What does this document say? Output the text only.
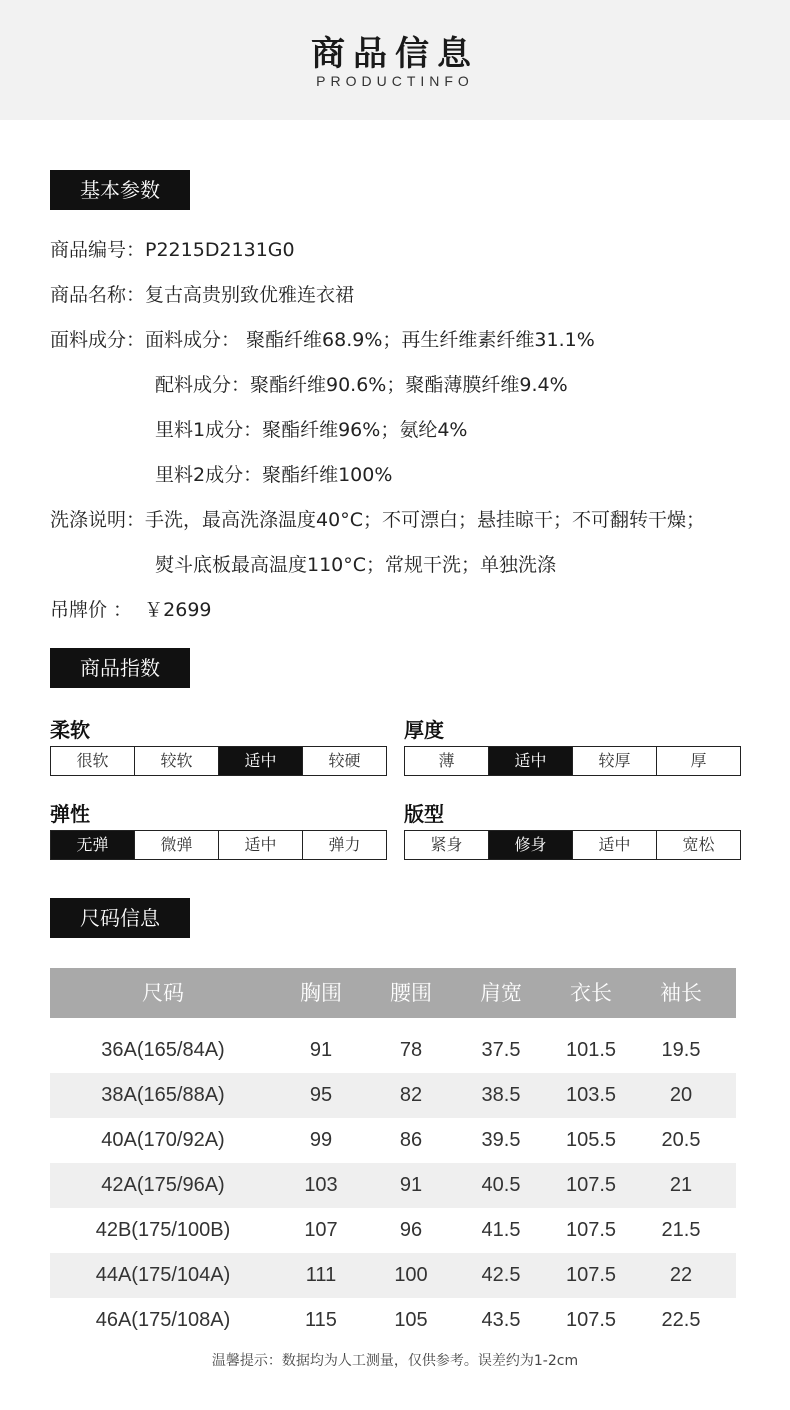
商品信息
PRODUCTINFO
基本参数
商品编号：P2215D2131G0
商品名称：复古高贵别致优雅连衣裙
面料成分：面料成分： 聚酯纤维68.9%；再生纤维素纤维31.1%
配料成分：聚酯纤维90.6%；聚酯薄膜纤维9.4%
里料1成分：聚酯纤维96%；氨纶4%
里料2成分：聚酯纤维100%
洗涤说明：手洗，最高洗涤温度40°C；不可漂白；悬挂晾干；不可翻转干燥；
熨斗底板最高温度110°C；常规干洗；单独洗涤
吊牌价 ： ￥2699
商品指数
柔软
很软	较软	适中	较硬
厚度
薄	适中	较厚	厚
弹性
无弹	微弹	适中	弹力
版型
紧身	修身	适中	宽松
尺码信息
尺码	胸围	腰围	肩宽	衣长	袖长
36A(165/84A)	91	78	37.5	101.5	19.5
38A(165/88A)	95	82	38.5	103.5	20
40A(170/92A)	99	86	39.5	105.5	20.5
42A(175/96A)	103	91	40.5	107.5	21
42B(175/100B)	107	96	41.5	107.5	21.5
44A(175/104A)	111	100	42.5	107.5	22
46A(175/108A)	115	105	43.5	107.5	22.5
温馨提示：数据均为人工测量，仅供参考。误差约为1-2cm
